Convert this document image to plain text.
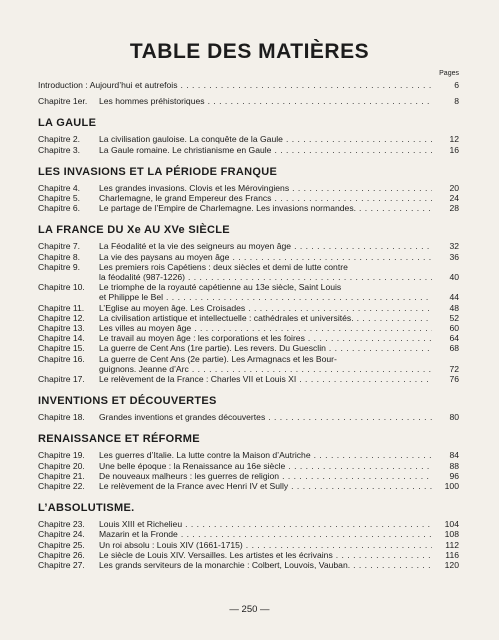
TABLE DES MATIÈRES
Pages
Introduction : Aujourd’hui et autrefois . . .	6
Chapitre 1er.	Les hommes préhistoriques . . .	8
LA GAULE
Chapitre 2.	La civilisation gauloise. La conquête de la Gaule . . .	12
Chapitre 3.	La Gaule romaine. Le christianisme en Gaule . . .	16
LES INVASIONS ET LA PÉRIODE FRANQUE
Chapitre 4.	Les grandes invasions. Clovis et les Mérovingiens . . .	20
Chapitre 5.	Charlemagne, le grand Empereur des Francs . . .	24
Chapitre 6.	Le partage de l’Empire de Charlemagne. Les invasions normandes. . . .	28
LA FRANCE DU Xe AU XVe SIÈCLE
Chapitre 7.	La Féodalité et la vie des seigneurs au moyen âge . . .	32
Chapitre 8.	La vie des paysans au moyen âge . . .	36
Chapitre 9.	Les premiers rois Capétiens : deux siècles et demi de lutte contre
la féodalité (987-1226) . . .	40
Chapitre 10.	Le triomphe de la royauté capétienne au 13e siècle, Saint Louis
et Philippe le Bel . . .	44
Chapitre 11.	L’Eglise au moyen âge. Les Croisades . . .	48
Chapitre 12.	La civilisation artistique et intellectuelle : cathédrales et universités. . . .	52
Chapitre 13.	Les villes au moyen âge . . .	60
Chapitre 14.	Le travail au moyen âge : les corporations et les foires . . .	64
Chapitre 15.	La guerre de Cent Ans (1re partie). Les revers. Du Guesclin . . .	68
Chapitre 16.	La guerre de Cent Ans (2e partie). Les Armagnacs et les Bour-
guignons. Jeanne d’Arc . . .	72
Chapitre 17.	Le relèvement de la France : Charles VII et Louis XI . . .	76
INVENTIONS ET DÉCOUVERTES
Chapitre 18.	Grandes inventions et grandes découvertes . . .	80
RENAISSANCE ET RÉFORME
Chapitre 19.	Les guerres d’Italie. La lutte contre la Maison d’Autriche . . .	84
Chapitre 20.	Une belle époque : la Renaissance au 16e siècle . . .	88
Chapitre 21.	De nouveaux malheurs : les guerres de religion . . .	96
Chapitre 22.	Le relèvement de la France avec Henri IV et Sully . . .	100
L’ABSOLUTISME.
Chapitre 23.	Louis XIII et Richelieu . . .	104
Chapitre 24.	Mazarin et la Fronde . . .	108
Chapitre 25.	Un roi absolu : Louis XIV (1661-1715) . . .	112
Chapitre 26.	Le siècle de Louis XIV. Versailles. Les artistes et les écrivains . . .	116
Chapitre 27.	Les grands serviteurs de la monarchie : Colbert, Louvois, Vauban. . . .	120
— 250 —
